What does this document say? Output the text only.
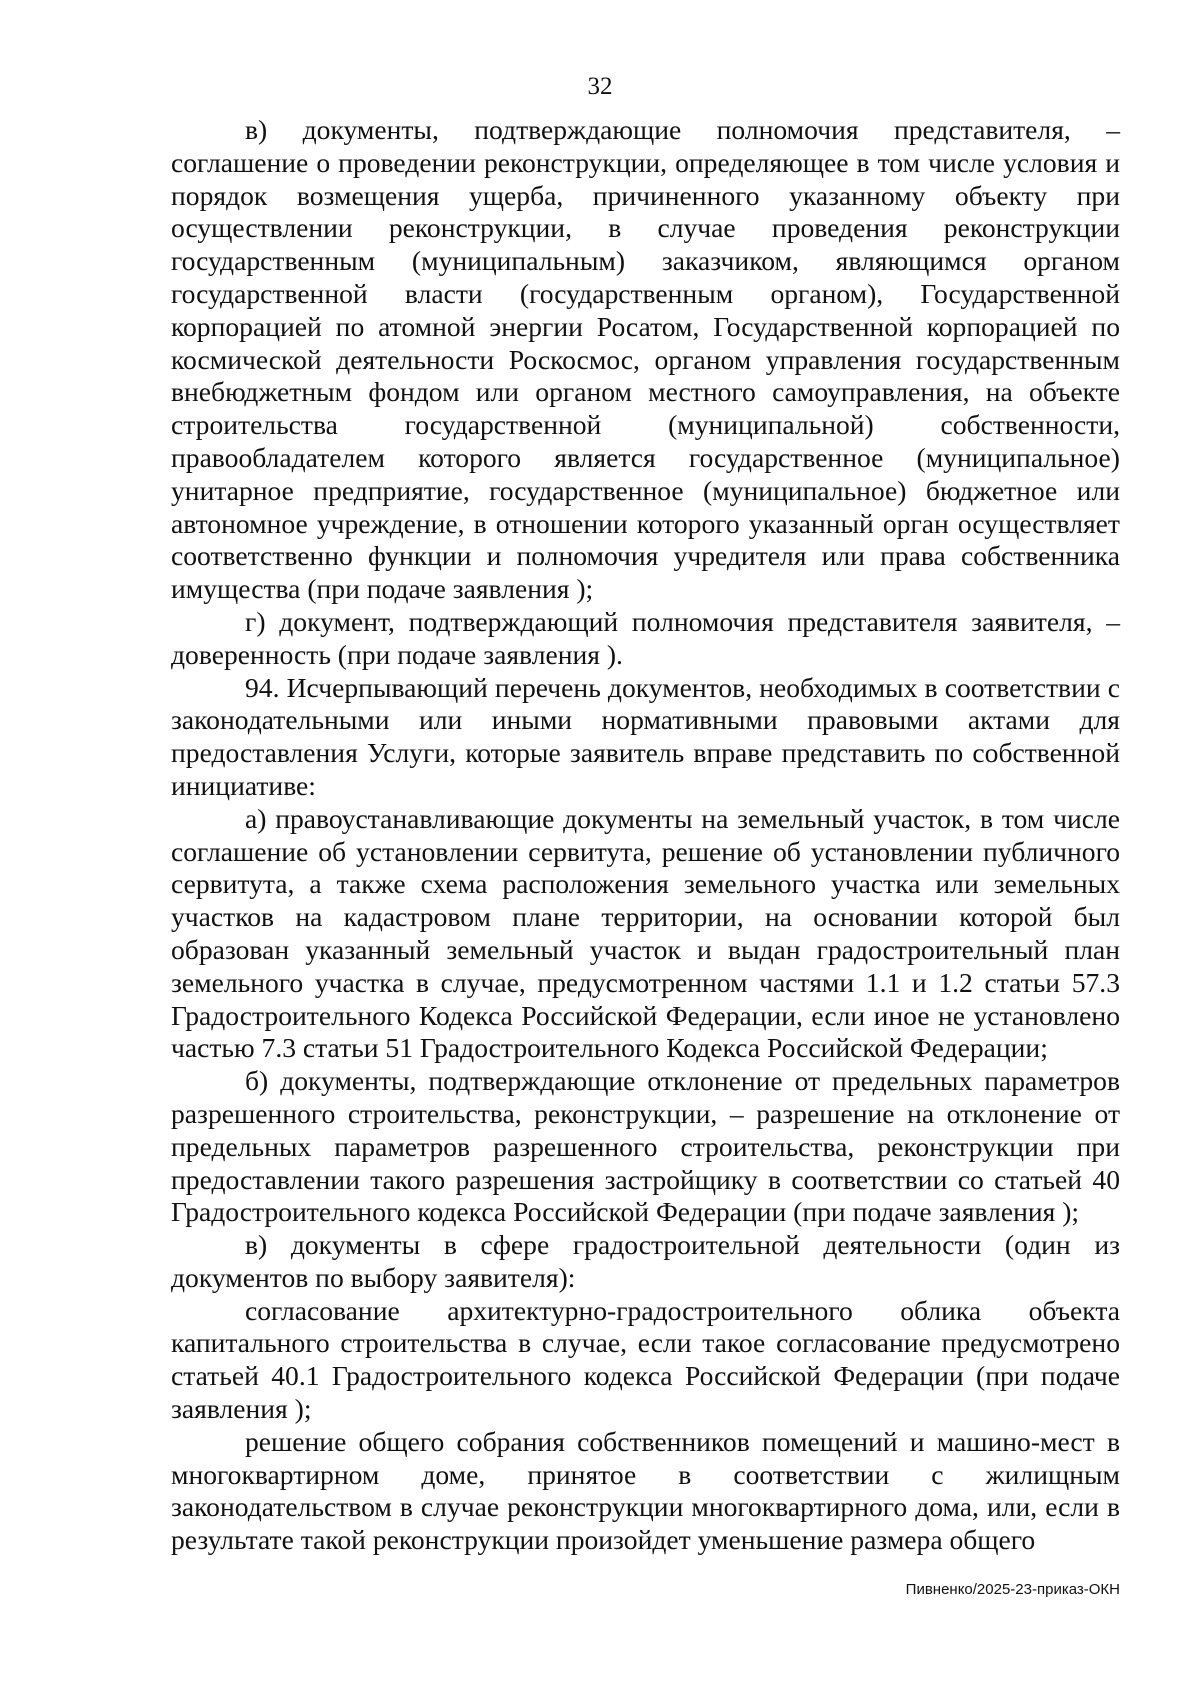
32

в) документы, подтверждающие полномочия представителя, – соглашение о проведении реконструкции, определяющее в том числе условия и порядок возмещения ущерба, причиненного указанному объекту при осуществлении реконструкции, в случае проведения реконструкции государственным (муниципальным) заказчиком, являющимся органом государственной власти (государственным органом), Государственной корпорацией по атомной энергии Росатом, Государственной корпорацией по космической деятельности Роскосмос, органом управления государственным внебюджетным фондом или органом местного самоуправления, на объекте строительства государственной (муниципальной) собственности, правообладателем которого является государственное (муниципальное) унитарное предприятие, государственное (муниципальное) бюджетное или автономное учреждение, в отношении которого указанный орган осуществляет соответственно функции и полномочия учредителя или права собственника имущества (при подаче заявления );

г) документ, подтверждающий полномочия представителя заявителя, – доверенность (при подаче заявления ).

94. Исчерпывающий перечень документов, необходимых в соответствии с законодательными или иными нормативными правовыми актами для предоставления Услуги, которые заявитель вправе представить по собственной инициативе:

а) правоустанавливающие документы на земельный участок, в том числе соглашение об установлении сервитута, решение об установлении публичного сервитута, а также схема расположения земельного участка или земельных участков на кадастровом плане территории, на основании которой был образован указанный земельный участок и выдан градостроительный план земельного участка в случае, предусмотренном частями 1.1 и 1.2 статьи 57.3 Градостроительного Кодекса Российской Федерации, если иное не установлено частью 7.3 статьи 51 Градостроительного Кодекса Российской Федерации;

б) документы, подтверждающие отклонение от предельных параметров разрешенного строительства, реконструкции, – разрешение на отклонение от предельных параметров разрешенного строительства, реконструкции при предоставлении такого разрешения застройщику в соответствии со статьей 40 Градостроительного кодекса Российской Федерации (при подаче заявления );

в) документы в сфере градостроительной деятельности (один из документов по выбору заявителя):

согласование архитектурно-градостроительного облика объекта капитального строительства в случае, если такое согласование предусмотрено статьей 40.1 Градостроительного кодекса Российской Федерации (при подаче заявления );

решение общего собрания собственников помещений и машино-мест в многоквартирном доме, принятое в соответствии с жилищным законодательством в случае реконструкции многоквартирного дома, или, если в результате такой реконструкции произойдет уменьшение размера общего

Пивненко/2025-23-приказ-ОКН
